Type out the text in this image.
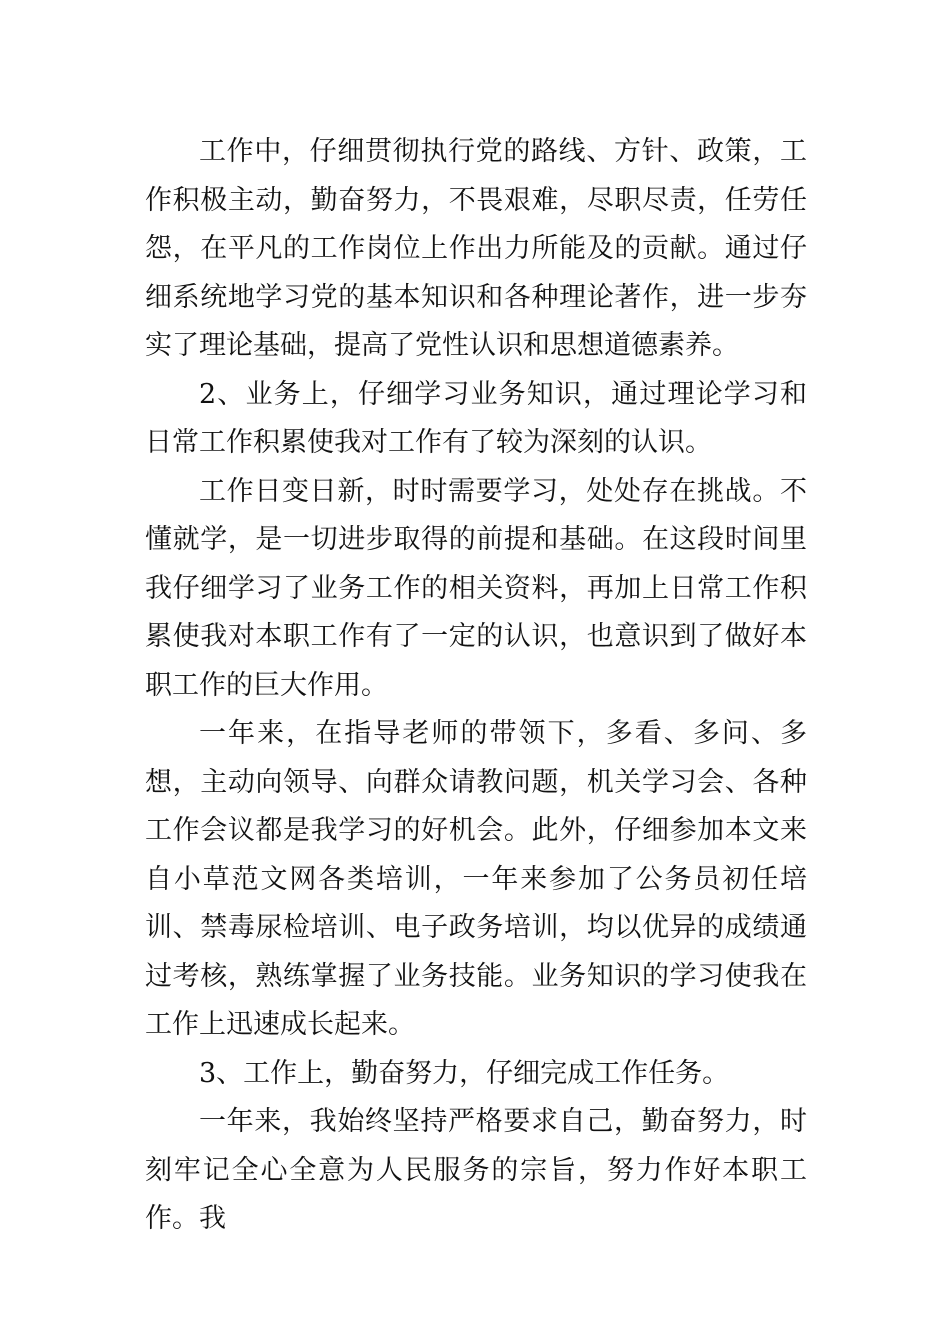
工作中，仔细贯彻执行党的路线、方针、政策，工作积极主动，勤奋努力，不畏艰难，尽职尽责，任劳任怨，在平凡的工作岗位上作出力所能及的贡献。通过仔细系统地学习党的基本知识和各种理论著作，进一步夯实了理论基础，提高了党性认识和思想道德素养。

2、业务上，仔细学习业务知识，通过理论学习和日常工作积累使我对工作有了较为深刻的认识。

工作日变日新，时时需要学习，处处存在挑战。不懂就学，是一切进步取得的前提和基础。在这段时间里我仔细学习了业务工作的相关资料，再加上日常工作积累使我对本职工作有了一定的认识，也意识到了做好本职工作的巨大作用。

一年来，在指导老师的带领下，多看、多问、多想，主动向领导、向群众请教问题，机关学习会、各种工作会议都是我学习的好机会。此外，仔细参加本文来自小草范文网各类培训，一年来参加了公务员初任培训、禁毒尿检培训、电子政务培训，均以优异的成绩通过考核，熟练掌握了业务技能。业务知识的学习使我在工作上迅速成长起来。

3、工作上，勤奋努力，仔细完成工作任务。

一年来，我始终坚持严格要求自己，勤奋努力，时刻牢记全心全意为人民服务的宗旨，努力作好本职工作。我
